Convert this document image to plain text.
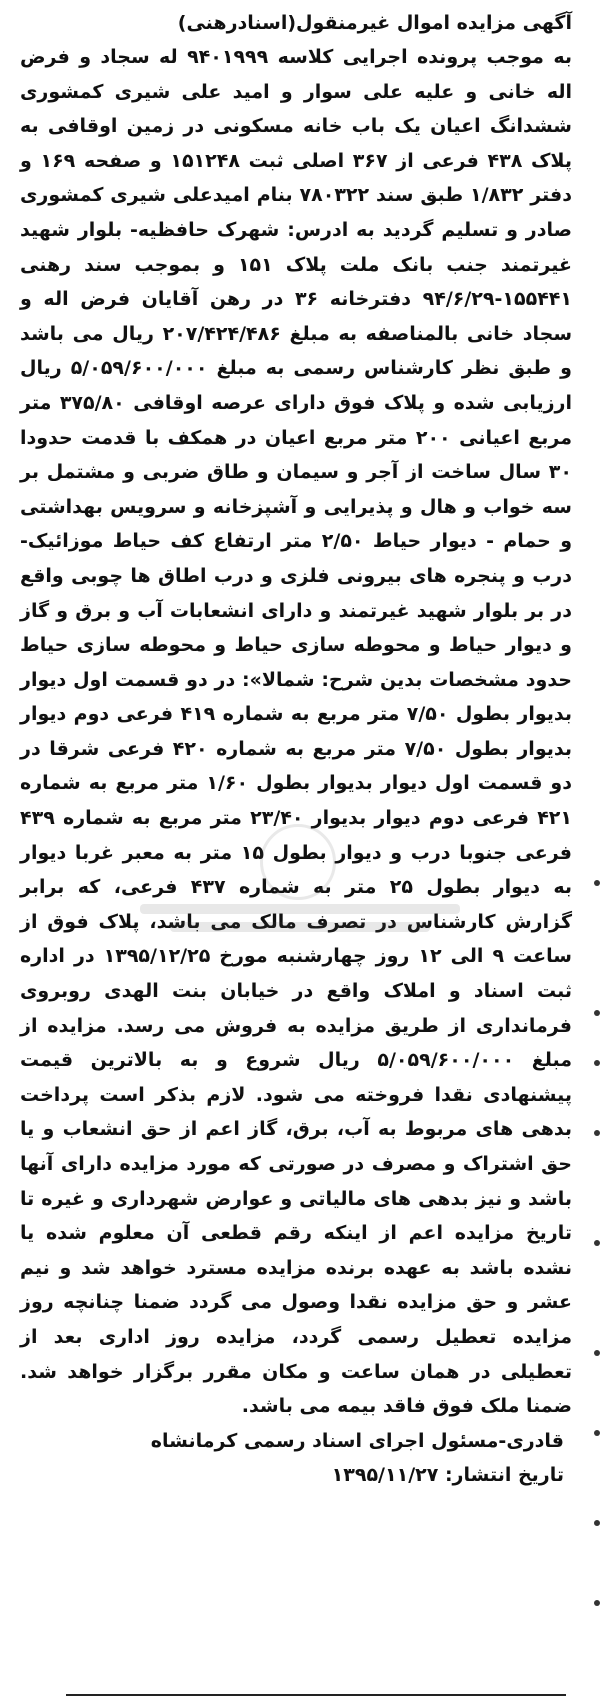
آگهی مزایده اموال غیرمنقول(اسنادرهنی)

به موجب پرونده اجرایی کلاسه ۹۴۰۱۹۹۹ له سجاد و فرض اله خانی و علیه علی سوار و امید علی شیری کمشوری ششدانگ اعیان یک باب خانه مسکونی در زمین اوقافی به پلاک ۴۳۸ فرعی از ۳۶۷ اصلی ثبت ۱۵۱۲۴۸ و صفحه ۱۶۹ و دفتر ۱/۸۳۲ طبق سند ۷۸۰۳۲۲ بنام امیدعلی شیری کمشوری صادر و تسلیم گردید به ادرس: شهرک حافظیه- بلوار شهید غیرتمند جنب بانک ملت پلاک ۱۵۱ و بموجب سند رهنی ۱۵۵۴۴۱-۹۴/۶/۲۹ دفترخانه ۳۶ در رهن آقایان فرض اله و سجاد خانی بالمناصفه به مبلغ ۲۰۷/۴۲۴/۴۸۶ ریال می باشد و طبق نظر کارشناس رسمی به مبلغ ۵/۰۵۹/۶۰۰/۰۰۰ ریال ارزیابی شده و پلاک فوق دارای عرصه اوقافی ۳۷۵/۸۰ متر مربع اعیانی ۲۰۰ متر مربع اعیان در همکف با قدمت حدودا ۳۰ سال ساخت از آجر و سیمان و طاق ضربی و مشتمل بر سه خواب و هال و پذیرایی و آشپزخانه و سرویس بهداشتی و حمام - دیوار حیاط ۲/۵۰ متر ارتفاع کف حیاط موزائیک- درب و پنجره های بیرونی فلزی و درب اطاق ها چوبی واقع در بر بلوار شهید غیرتمند و دارای انشعابات آب و برق و گاز و دیوار حیاط و محوطه سازی حیاط و محوطه سازی حیاط حدود مشخصات بدین شرح: شمالا»: در دو قسمت اول دیوار بدیوار بطول ۷/۵۰ متر مربع به شماره ۴۱۹ فرعی دوم دیوار بدیوار بطول ۷/۵۰ متر مربع به شماره ۴۲۰ فرعی شرقا در دو قسمت اول دیوار بدیوار بطول ۱/۶۰ متر مربع به شماره ۴۲۱ فرعی دوم دیوار بدیوار ۲۳/۴۰ متر مربع به شماره ۴۳۹ فرعی جنوبا درب و دیوار بطول ۱۵ متر به معبر غربا دیوار به دیوار بطول ۲۵ متر به شماره ۴۳۷ فرعی، که برابر گزارش کارشناس در تصرف مالک می باشد، پلاک فوق از ساعت ۹ الی ۱۲ روز چهارشنبه مورخ ۱۳۹۵/۱۲/۲۵ در اداره ثبت اسناد و املاک واقع در خیابان بنت الهدی روبروی فرمانداری از طریق مزایده به فروش می رسد. مزایده از مبلغ ۵/۰۵۹/۶۰۰/۰۰۰ ریال شروع و به بالاترین قیمت پیشنهادی نقدا فروخته می شود. لازم بذکر است پرداخت بدهی های مربوط به آب، برق، گاز اعم از حق انشعاب و یا حق اشتراک و مصرف در صورتی که مورد مزایده دارای آنها باشد و نیز بدهی های مالیاتی و عوارض شهرداری و غیره تا تاریخ مزایده اعم از اینکه رقم قطعی آن معلوم شده یا نشده باشد به عهده برنده مزایده مسترد خواهد شد و نیم عشر و حق مزایده نقدا وصول می گردد ضمنا چنانچه روز مزایده تعطیل رسمی گردد، مزایده روز اداری بعد از تعطیلی در همان ساعت و مکان مقرر برگزار خواهد شد. ضمنا ملک فوق فاقد بیمه می باشد.

قادری-مسئول اجرای اسناد رسمی کرمانشاه

تاریخ انتشار: ۱۳۹۵/۱۱/۲۷
